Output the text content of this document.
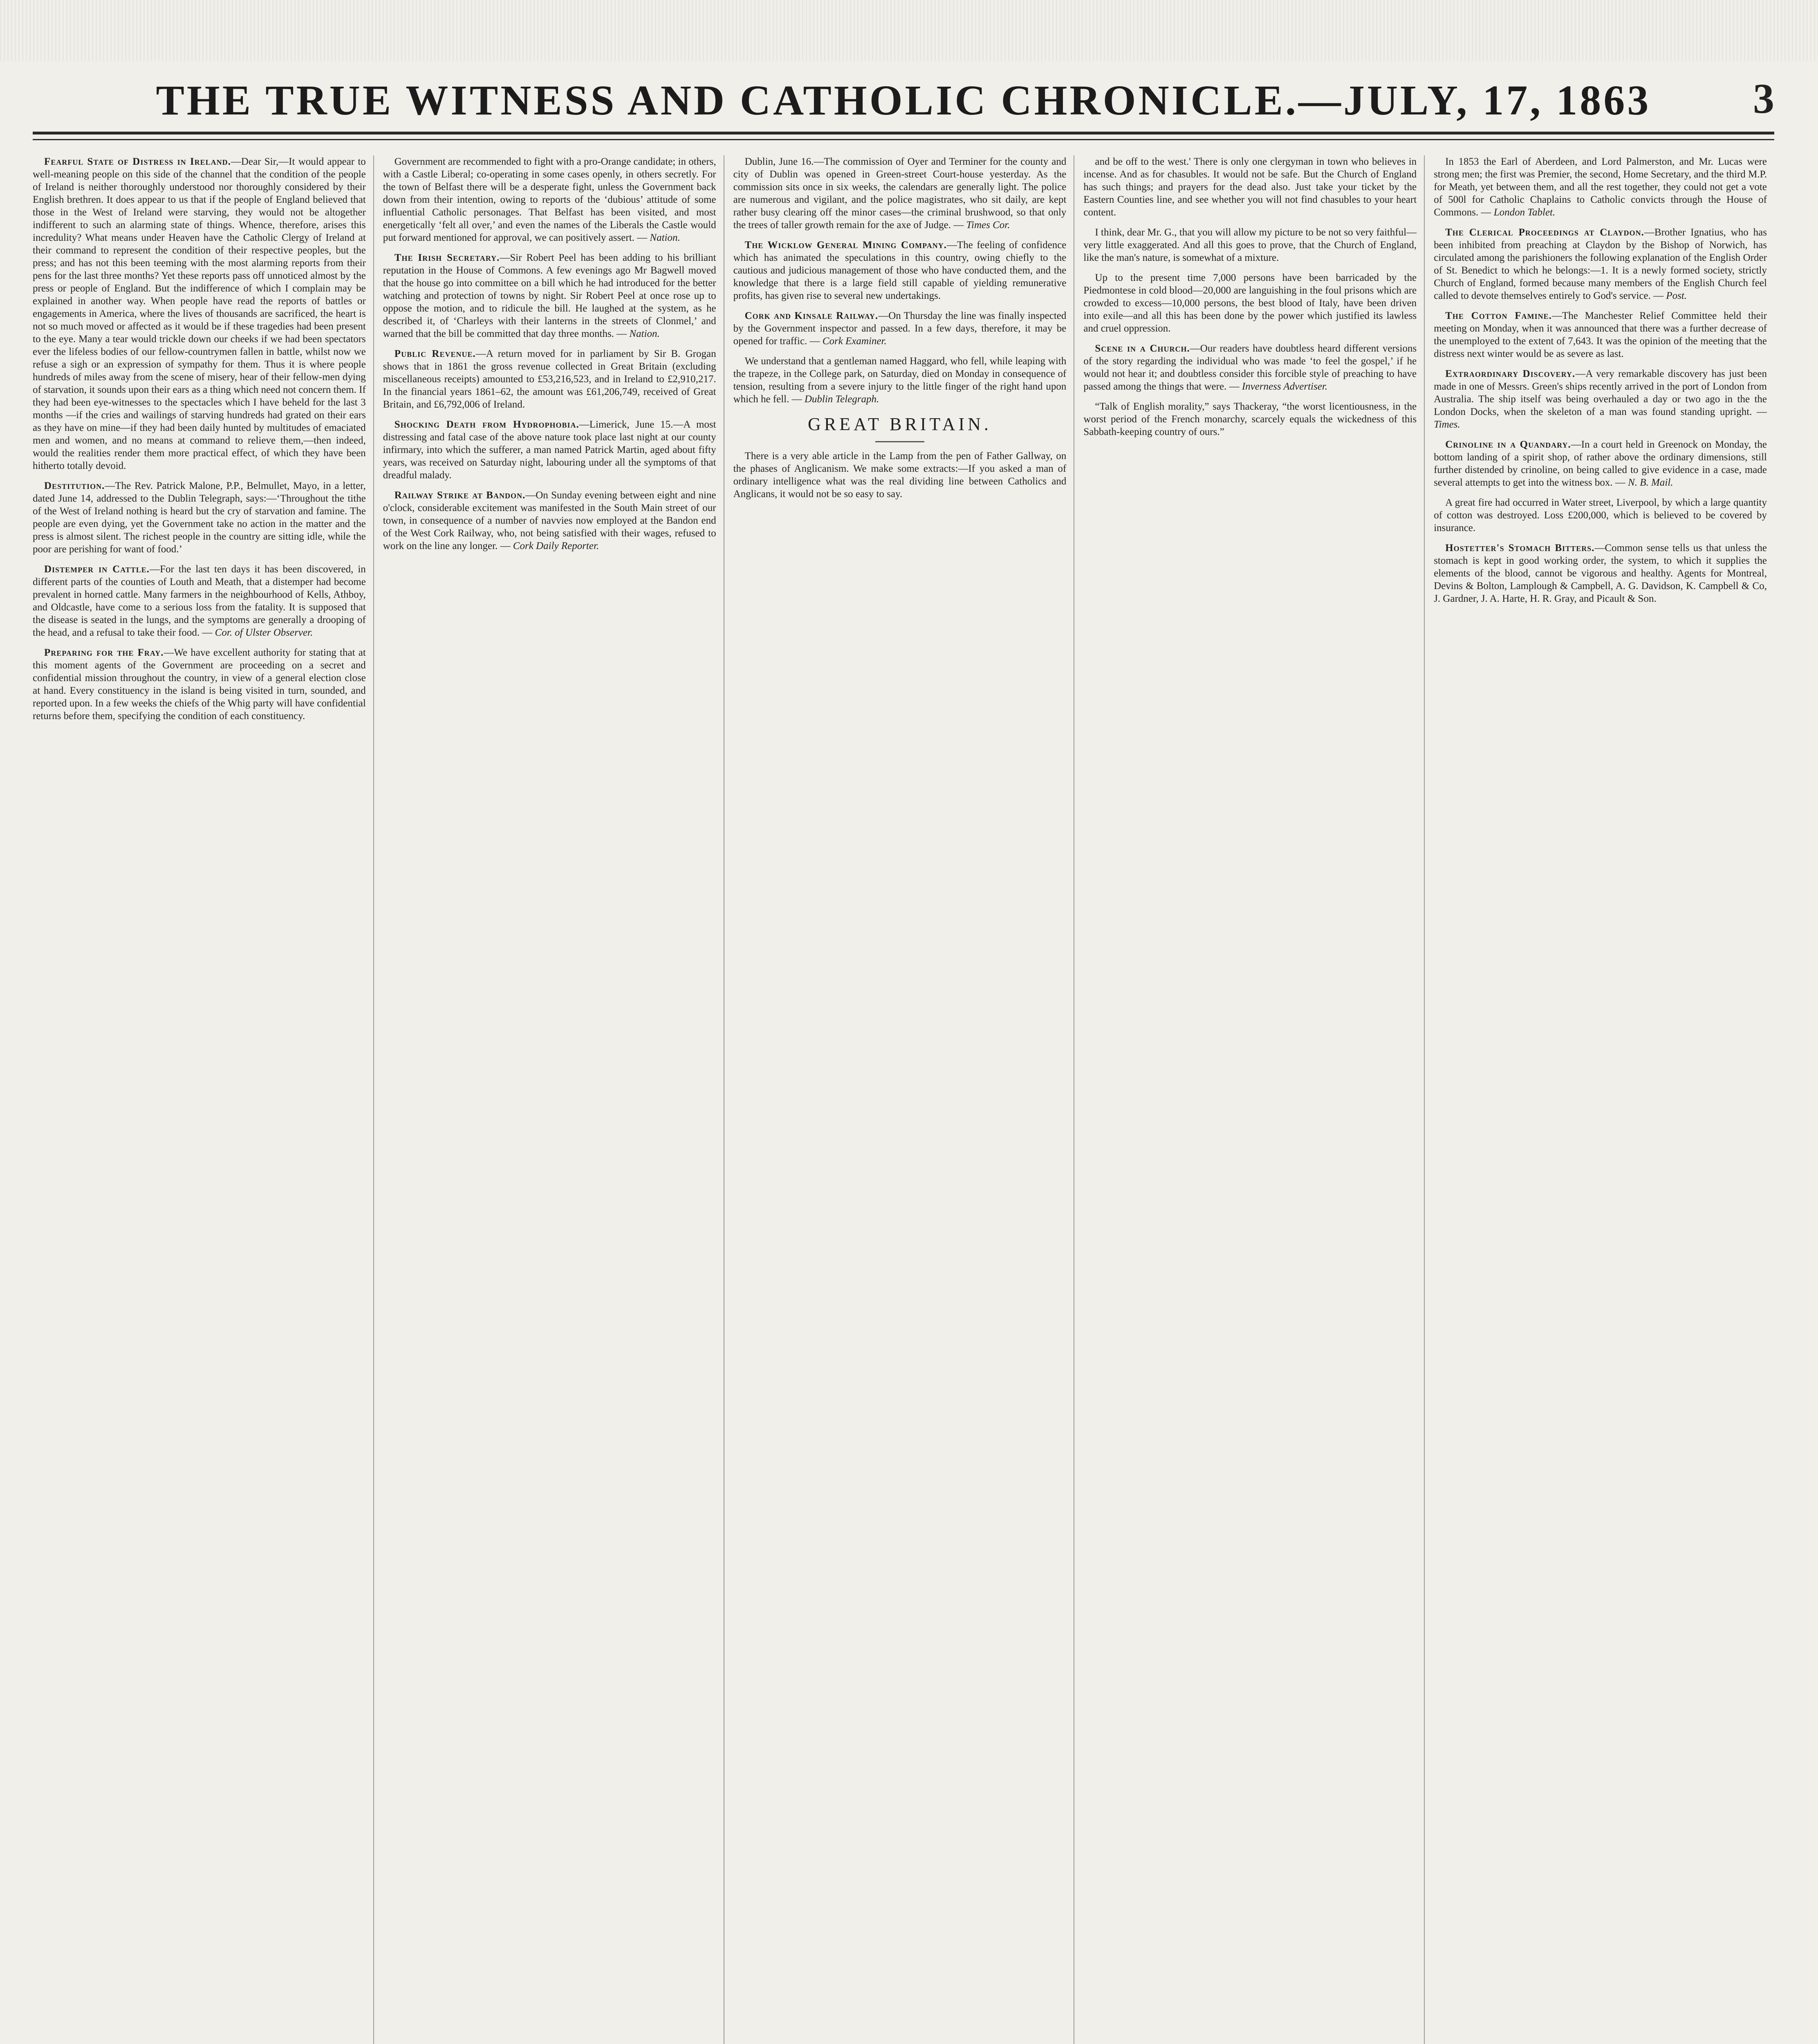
THE TRUE WITNESS AND CATHOLIC CHRONICLE.—JULY, 17, 1863 3

Fearful State of Distress in Ireland.—Dear Sir,—It would appear to well-meaning people on this side of the channel that the condition of the people of Ireland is neither thoroughly understood nor thoroughly considered by their English brethren. It does appear to us that if the people of England believed that those in the West of Ireland were starving, they would not be altogether indifferent to such an alarming state of things. Whence, therefore, arises this incredulity? What means under Heaven have the Catholic Clergy of Ireland at their command to represent the condition of their respective peoples, but the press; and has not this been teeming with the most alarming reports from their pens for the last three months? Yet these reports pass off unnoticed almost by the press or people of England. But the indifference of which I complain may be explained in another way. When people have read the reports of battles or engagements in America, where the lives of thousands are sacrificed, the heart is not so much moved or affected as it would be if these tragedies had been present to the eye. Many a tear would trickle down our cheeks if we had been spectators ever the lifeless bodies of our fellow-countrymen fallen in battle, whilst now we refuse a sigh or an expression of sympathy for them. Thus it is where people hundreds of miles away from the scene of misery, hear of their fellow-men dying of starvation, it sounds upon their ears as a thing which need not concern them. If they had been eye-witnesses to the spectacles which I have beheld for the last 3 months —if the cries and wailings of starving hundreds had grated on their ears as they have on mine—if they had been daily hunted by multitudes of emaciated men and women, and no means at command to relieve them,—then indeed, would the realities render them more practical effect, of which they have been hitherto totally devoid.

Destitution.—The Rev. Patrick Malone, P.P., Belmullet, Mayo, in a letter, dated June 14, addressed to the Dublin Telegraph, says:—‘Throughout the tithe of the West of Ireland nothing is heard but the cry of starvation and famine. The people are even dying, yet the Government take no action in the matter and the press is almost silent. The richest people in the country are sitting idle, while the poor are perishing for want of food.’

Distemper in Cattle.—For the last ten days it has been discovered, in different parts of the counties of Louth and Meath, that a distemper had become prevalent in horned cattle. Many farmers in the neighbourhood of Kells, Athboy, and Oldcastle, have come to a serious loss from the fatality. It is supposed that the disease is seated in the lungs, and the symptoms are generally a drooping of the head, and a refusal to take their food. — Cor. of Ulster Observer.

Preparing for the Fray.—We have excellent authority for stating that at this moment agents of the Government are proceeding on a secret and confidential mission throughout the country, in view of a general election close at hand. Every constituency in the island is being visited in turn, sounded, and reported upon. In a few weeks the chiefs of the Whig party will have confidential returns before them, specifying the condition of each constituency.

Government are recommended to fight with a pro-Orange candidate; in others, with a Castle Liberal; co-operating in some cases openly, in others secretly. For the town of Belfast there will be a desperate fight, unless the Government back down from their intention, owing to reports of the ‘dubious’ attitude of some influential Catholic personages. That Belfast has been visited, and most energetically ‘felt all over,’ and even the names of the Liberals the Castle would put forward mentioned for approval, we can positively assert. — Nation.

The Irish Secretary.—Sir Robert Peel has been adding to his brilliant reputation in the House of Commons. A few evenings ago Mr Bagwell moved that the house go into committee on a bill which he had introduced for the better watching and protection of towns by night. Sir Robert Peel at once rose up to oppose the motion, and to ridicule the bill. He laughed at the system, as he described it, of ‘Charleys with their lanterns in the streets of Clonmel,’ and warned that the bill be committed that day three months. — Nation.

Public Revenue.—A return moved for in parliament by Sir B. Grogan shows that in 1861 the gross revenue collected in Great Britain (excluding miscellaneous receipts) amounted to £53,216,523, and in Ireland to £2,910,217. In the financial years 1861–62, the amount was £61,206,749, received of Great Britain, and £6,792,006 of Ireland.

Shocking Death from Hydrophobia.—Limerick, June 15.—A most distressing and fatal case of the above nature took place last night at our county infirmary, into which the sufferer, a man named Patrick Martin, aged about fifty years, was received on Saturday night, labouring under all the symptoms of that dreadful malady.

Railway Strike at Bandon.—On Sunday evening between eight and nine o'clock, considerable excitement was manifested in the South Main street of our town, in consequence of a number of navvies now employed at the Bandon end of the West Cork Railway, who, not being satisfied with their wages, refused to work on the line any longer. — Cork Daily Reporter.

Dublin, June 16.—The commission of Oyer and Terminer for the county and city of Dublin was opened in Green-street Court-house yesterday. As the commission sits once in six weeks, the calendars are generally light. The police are numerous and vigilant, and the police magistrates, who sit daily, are kept rather busy clearing off the minor cases—the criminal brushwood, so that only the trees of taller growth remain for the axe of Judge. — Times Cor.

The Wicklow General Mining Company.—The feeling of confidence which has animated the speculations in this country, owing chiefly to the cautious and judicious management of those who have conducted them, and the knowledge that there is a large field still capable of yielding remunerative profits, has given rise to several new undertakings.

Cork and Kinsale Railway.—On Thursday the line was finally inspected by the Government inspector and passed. In a few days, therefore, it may be opened for traffic. — Cork Examiner.

We understand that a gentleman named Haggard, who fell, while leaping with the trapeze, in the College park, on Saturday, died on Monday in consequence of tension, resulting from a severe injury to the little finger of the right hand upon which he fell. — Dublin Telegraph.

GREAT BRITAIN.

There is a very able article in the Lamp from the pen of Father Gallway, on the phases of Anglicanism. We make some extracts:—If you asked a man of ordinary intelligence what was the real dividing line between Catholics and Anglicans, it would not be so easy to say.

and be off to the west.' There is only one clergyman in town who believes in incense. And as for chasubles. It would not be safe. But the Church of England has such things; and prayers for the dead also. Just take your ticket by the Eastern Counties line, and see whether you will not find chasubles to your heart content.

I think, dear Mr. G., that you will allow my picture to be not so very faithful—very little exaggerated. And all this goes to prove, that the Church of England, like the man's nature, is somewhat of a mixture.

Up to the present time 7,000 persons have been barricaded by the Piedmontese in cold blood—20,000 are languishing in the foul prisons which are crowded to excess—10,000 persons, the best blood of Italy, have been driven into exile—and all this has been done by the power which justified its lawless and cruel oppression.

Scene in a Church.—Our readers have doubtless heard different versions of the story regarding the individual who was made ‘to feel the gospel,’ if he would not hear it; and doubtless consider this forcible style of preaching to have passed among the things that were. — Inverness Advertiser.

“Talk of English morality,” says Thackeray, “the worst licentiousness, in the worst period of the French monarchy, scarcely equals the wickedness of this Sabbath-keeping country of ours.”

In 1853 the Earl of Aberdeen, and Lord Palmerston, and Mr. Lucas were strong men; the first was Premier, the second, Home Secretary, and the third M.P. for Meath, yet between them, and all the rest together, they could not get a vote of 500l for Catholic Chaplains to Catholic convicts through the House of Commons. — London Tablet.

The Clerical Proceedings at Claydon.—Brother Ignatius, who has been inhibited from preaching at Claydon by the Bishop of Norwich, has circulated among the parishioners the following explanation of the English Order of St. Benedict to which he belongs:—1. It is a newly formed society, strictly Church of England, formed because many members of the English Church feel called to devote themselves entirely to God's service. — Post.

The Cotton Famine.—The Manchester Relief Committee held their meeting on Monday, when it was announced that there was a further decrease of the unemployed to the extent of 7,643. It was the opinion of the meeting that the distress next winter would be as severe as last.

Extraordinary Discovery.—A very remarkable discovery has just been made in one of Messrs. Green's ships recently arrived in the port of London from Australia. The ship itself was being overhauled a day or two ago in the the London Docks, when the skeleton of a man was found standing upright. — Times.

Crinoline in a Quandary.—In a court held in Greenock on Monday, the bottom landing of a spirit shop, of rather above the ordinary dimensions, still further distended by crinoline, on being called to give evidence in a case, made several attempts to get into the witness box. — N. B. Mail.

A great fire had occurred in Water street, Liverpool, by which a large quantity of cotton was destroyed. Loss £200,000, which is believed to be covered by insurance.

Hostetter's Stomach Bitters.—Common sense tells us that unless the stomach is kept in good working order, the system, to which it supplies the elements of the blood, cannot be vigorous and healthy. Agents for Montreal, Devins & Bolton, Lamplough & Campbell, A. G. Davidson, K. Campbell & Co, J. Gardner, J. A. Harte, H. R. Gray, and Picault & Son.
